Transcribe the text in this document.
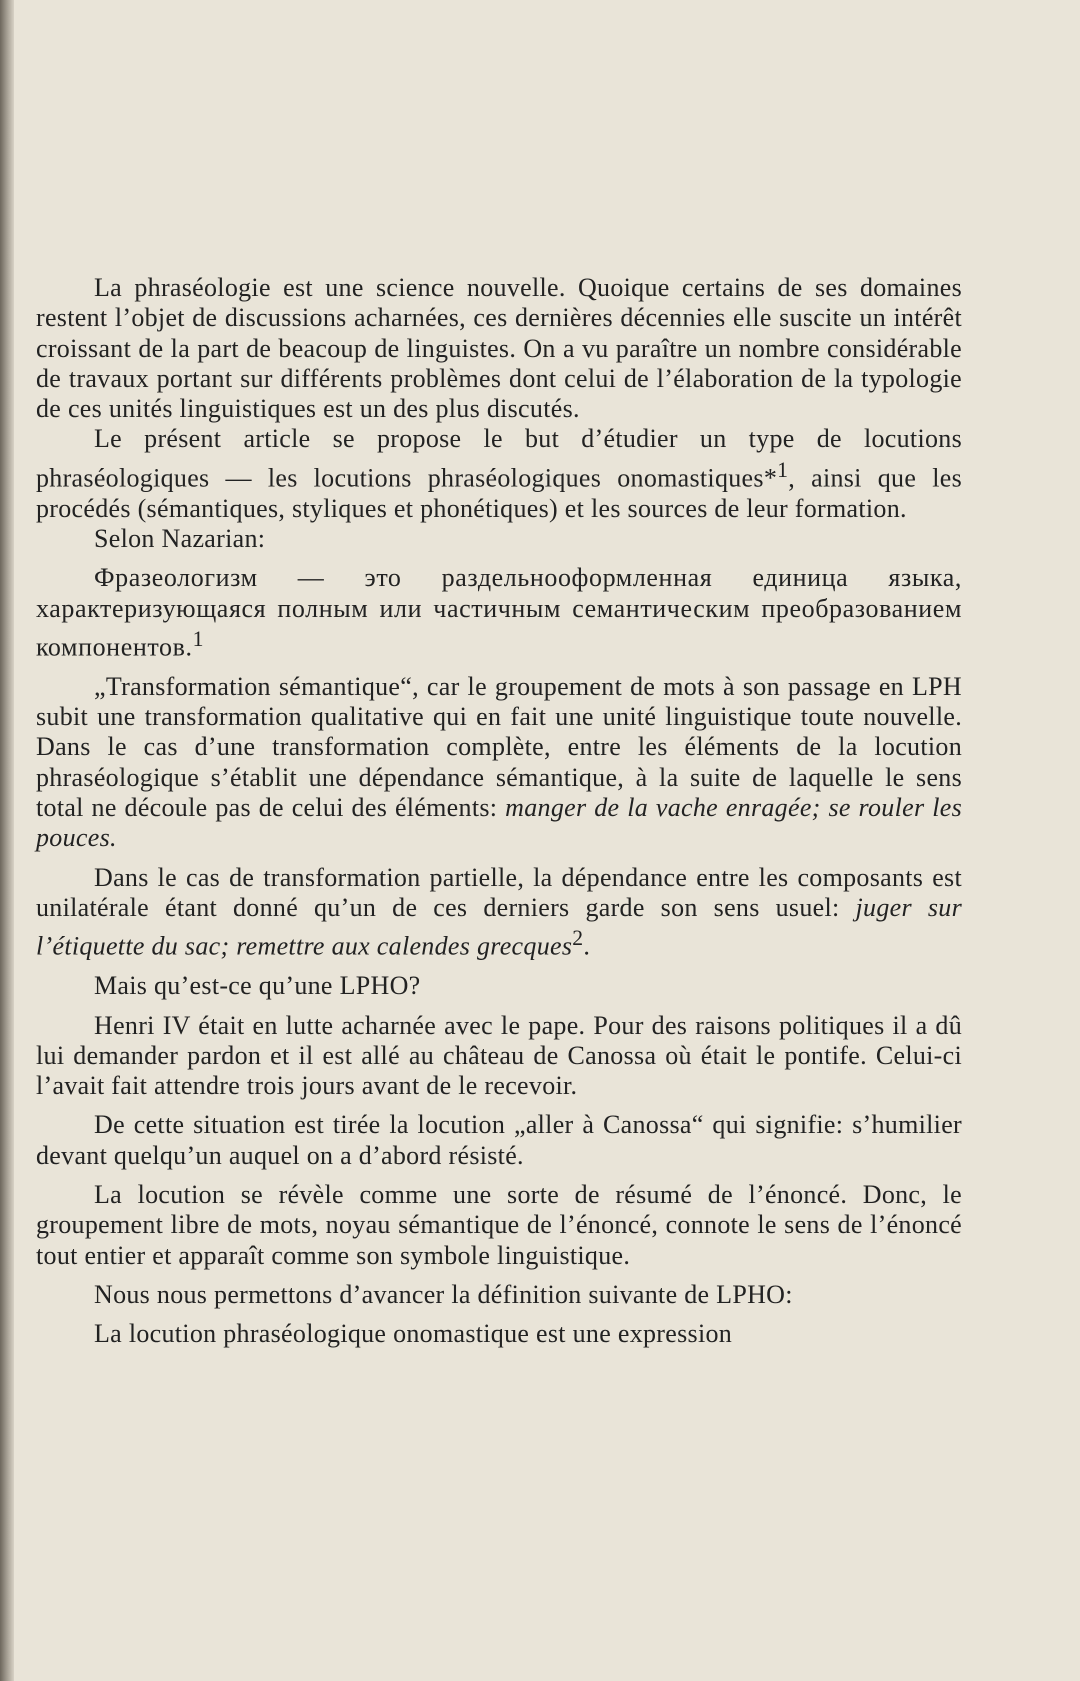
La phraséologie est une science nouvelle. Quoique certains de ses domaines restent l’objet de discussions acharnées, ces dernières décennies elle suscite un intérêt croissant de la part de beacoup de linguistes. On a vu paraître un nombre considérable de travaux portant sur différents problèmes dont celui de l’élaboration de la typologie de ces unités linguistiques est un des plus discutés.

Le présent article se propose le but d’étudier un type de locutions phraséologiques — les locutions phraséologiques onomastiques*$^1$, ainsi que les procédés (sémantiques, styliques et phonétiques) et les sources de leur formation.

Selon Nazarian:

Фразеологизм — это раздельнооформленная единица языка, характеризующаяся полным или частичным семантическим преобразованием компонентов.$^1$

„Transformation sémantique“, car le groupement de mots à son passage en LPH subit une transformation qualitative qui en fait une unité linguistique toute nouvelle. Dans le cas d’une transformation complète, entre les éléments de la locution phraséologique s’établit une dépendance sémantique, à la suite de laquelle le sens total ne découle pas de celui des éléments: manger de la vache enragée; se rouler les pouces.

Dans le cas de transformation partielle, la dépendance entre les composants est unilatérale étant donné qu’un de ces derniers garde son sens usuel: juger sur l’étiquette du sac; remettre aux calendes grecques$^2$.

Mais qu’est-ce qu’une LPHO?

Henri IV était en lutte acharnée avec le pape. Pour des raisons politiques il a dû lui demander pardon et il est allé au château de Canossa où était le pontife. Celui-ci l’avait fait attendre trois jours avant de le recevoir.

De cette situation est tirée la locution „aller à Canossa“ qui signifie: s’humilier devant quelqu’un auquel on a d’abord résisté.

La locution se révèle comme une sorte de résumé de l’énoncé. Donc, le groupement libre de mots, noyau sémantique de l’énoncé, connote le sens de l’énoncé tout entier et apparaît comme son symbole linguistique.

Nous nous permettons d’avancer la définition suivante de LPHO:

La locution phraséologique onomastique est une expression
